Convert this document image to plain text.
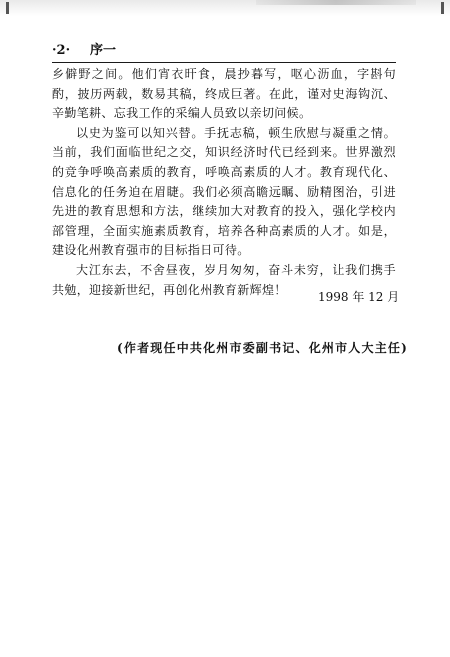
·2· 序一

乡僻野之间。他们宵衣旰食，晨抄暮写，呕心沥血，字斟句酌，披历两载，数易其稿，终成巨著。在此，谨对史海钩沉、辛勤笔耕、忘我工作的采编人员致以亲切问候。

以史为鉴可以知兴替。手抚志稿，顿生欣慰与凝重之情。当前，我们面临世纪之交，知识经济时代已经到来。世界激烈的竞争呼唤高素质的教育，呼唤高素质的人才。教育现代化、信息化的任务迫在眉睫。我们必须高瞻远瞩、励精图治，引进先进的教育思想和方法，继续加大对教育的投入，强化学校内部管理，全面实施素质教育，培养各种高素质的人才。如是，建设化州教育强市的目标指日可待。

大江东去，不舍昼夜，岁月匆匆，奋斗未穷，让我们携手共勉，迎接新世纪，再创化州教育新辉煌！

1998 年 12 月
(作者现任中共化州市委副书记、化州市人大主任)
